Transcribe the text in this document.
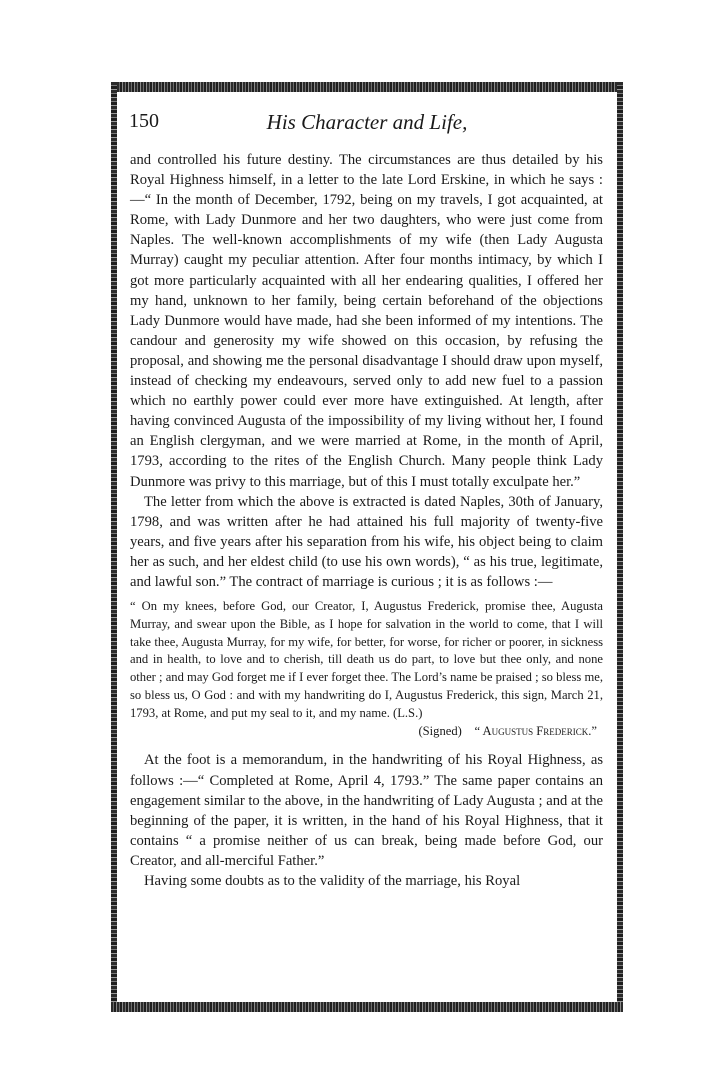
150	His Character and Life,

and controlled his future destiny. The circumstances are thus detailed by his Royal Highness himself, in a letter to the late Lord Erskine, in which he says :—“ In the month of December, 1792, being on my travels, I got acquainted, at Rome, with Lady Dunmore and her two daughters, who were just come from Naples. The well-known accomplishments of my wife (then Lady Augusta Murray) caught my peculiar attention. After four months intimacy, by which I got more particularly acquainted with all her endearing qualities, I offered her my hand, unknown to her family, being certain beforehand of the objections Lady Dunmore would have made, had she been informed of my intentions. The candour and generosity my wife showed on this occasion, by refusing the proposal, and showing me the personal disadvantage I should draw upon myself, instead of checking my endeavours, served only to add new fuel to a passion which no earthly power could ever more have extinguished. At length, after having convinced Augusta of the impossibility of my living without her, I found an English clergyman, and we were married at Rome, in the month of April, 1793, according to the rites of the English Church. Many people think Lady Dunmore was privy to this marriage, but of this I must totally exculpate her.”

The letter from which the above is extracted is dated Naples, 30th of January, 1798, and was written after he had attained his full majority of twenty-five years, and five years after his separation from his wife, his object being to claim her as such, and her eldest child (to use his own words), “ as his true, legitimate, and lawful son.” The contract of marriage is curious ; it is as follows :—

“ On my knees, before God, our Creator, I, Augustus Frederick, promise thee, Augusta Murray, and swear upon the Bible, as I hope for salvation in the world to come, that I will take thee, Augusta Murray, for my wife, for better, for worse, for richer or poorer, in sickness and in health, to love and to cherish, till death us do part, to love but thee only, and none other ; and may God forget me if I ever forget thee. The Lord’s name be praised ; so bless me, so bless us, O God : and with my handwriting do I, Augustus Frederick, this sign, March 21, 1793, at Rome, and put my seal to it, and my name. (L.S.)

(Signed) “ Augustus Frederick.”

At the foot is a memorandum, in the handwriting of his Royal Highness, as follows :—“ Completed at Rome, April 4, 1793.” The same paper contains an engagement similar to the above, in the handwriting of Lady Augusta ; and at the beginning of the paper, it is written, in the hand of his Royal Highness, that it contains “ a promise neither of us can break, being made before God, our Creator, and all-merciful Father.”

Having some doubts as to the validity of the marriage, his Royal
